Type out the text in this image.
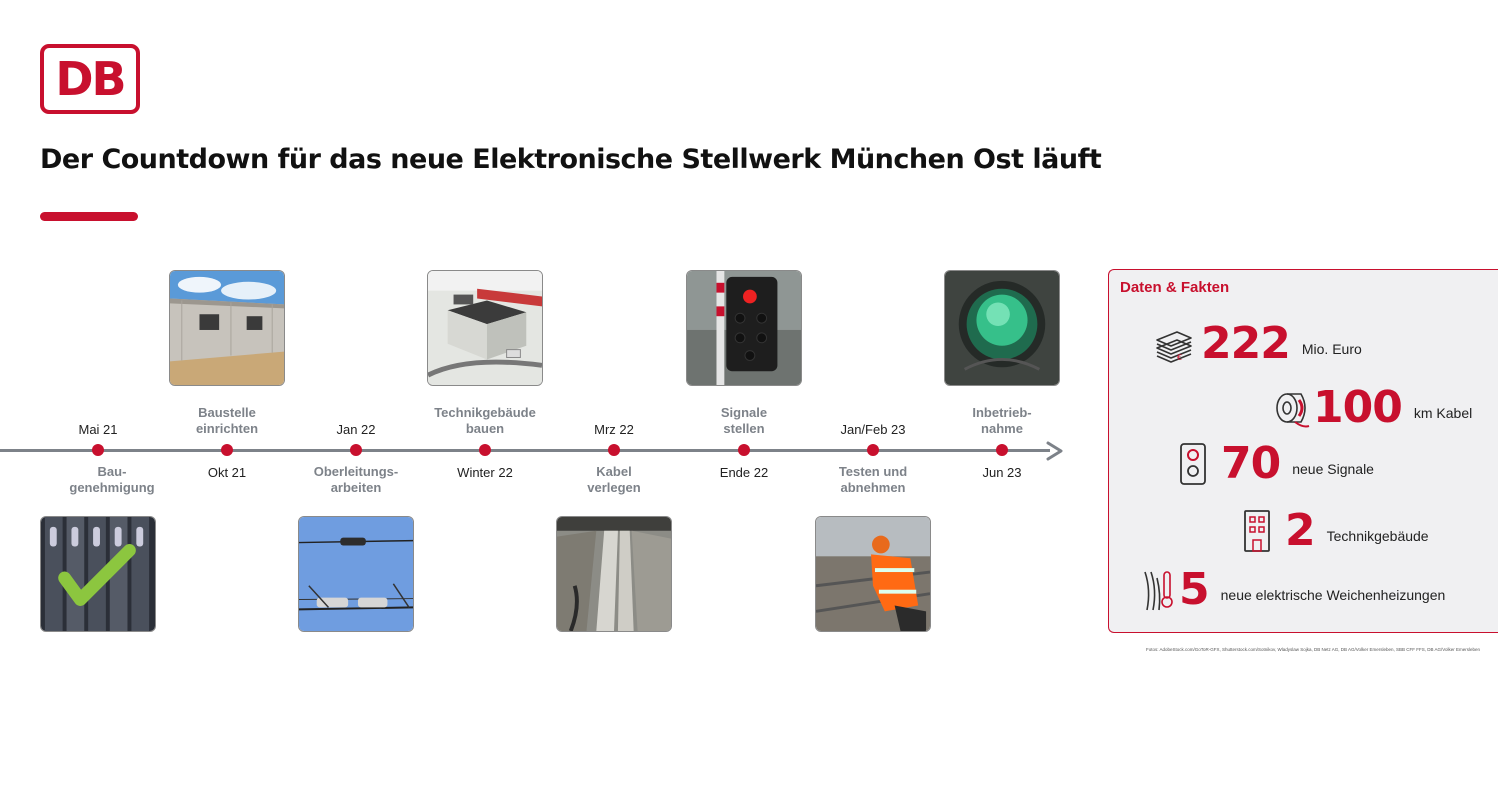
DB
Der Countdown für das neue Elektronische Stellwerk München Ost läuft
Mai 21
Bau-
genehmigung
Baustelle
einrichten
Okt 21
Jan 22
Oberleitungs-
arbeiten
Technikgebäude
bauen
Winter 22
Mrz 22
Kabel
verlegen
Signale
stellen
Ende 22
Jan/Feb 23
Testen und
abnehmen
Inbetrieb-
nahme
Jun 23
Daten & Fakten
€ 222 Mio. Euro
100 km Kabel
70 neue Signale
2 Technikgebäude
5 neue elektrische Weichenheizungen
Fotos: AdobeStock.com/GoToR-GFX, Shutterstock.com/Sotnikov, Wladyslaw Sojka, DB Netz AG, DB AG/Volker Emersleben, SBB CFF FFS, DB AG/Volker Emersleben
